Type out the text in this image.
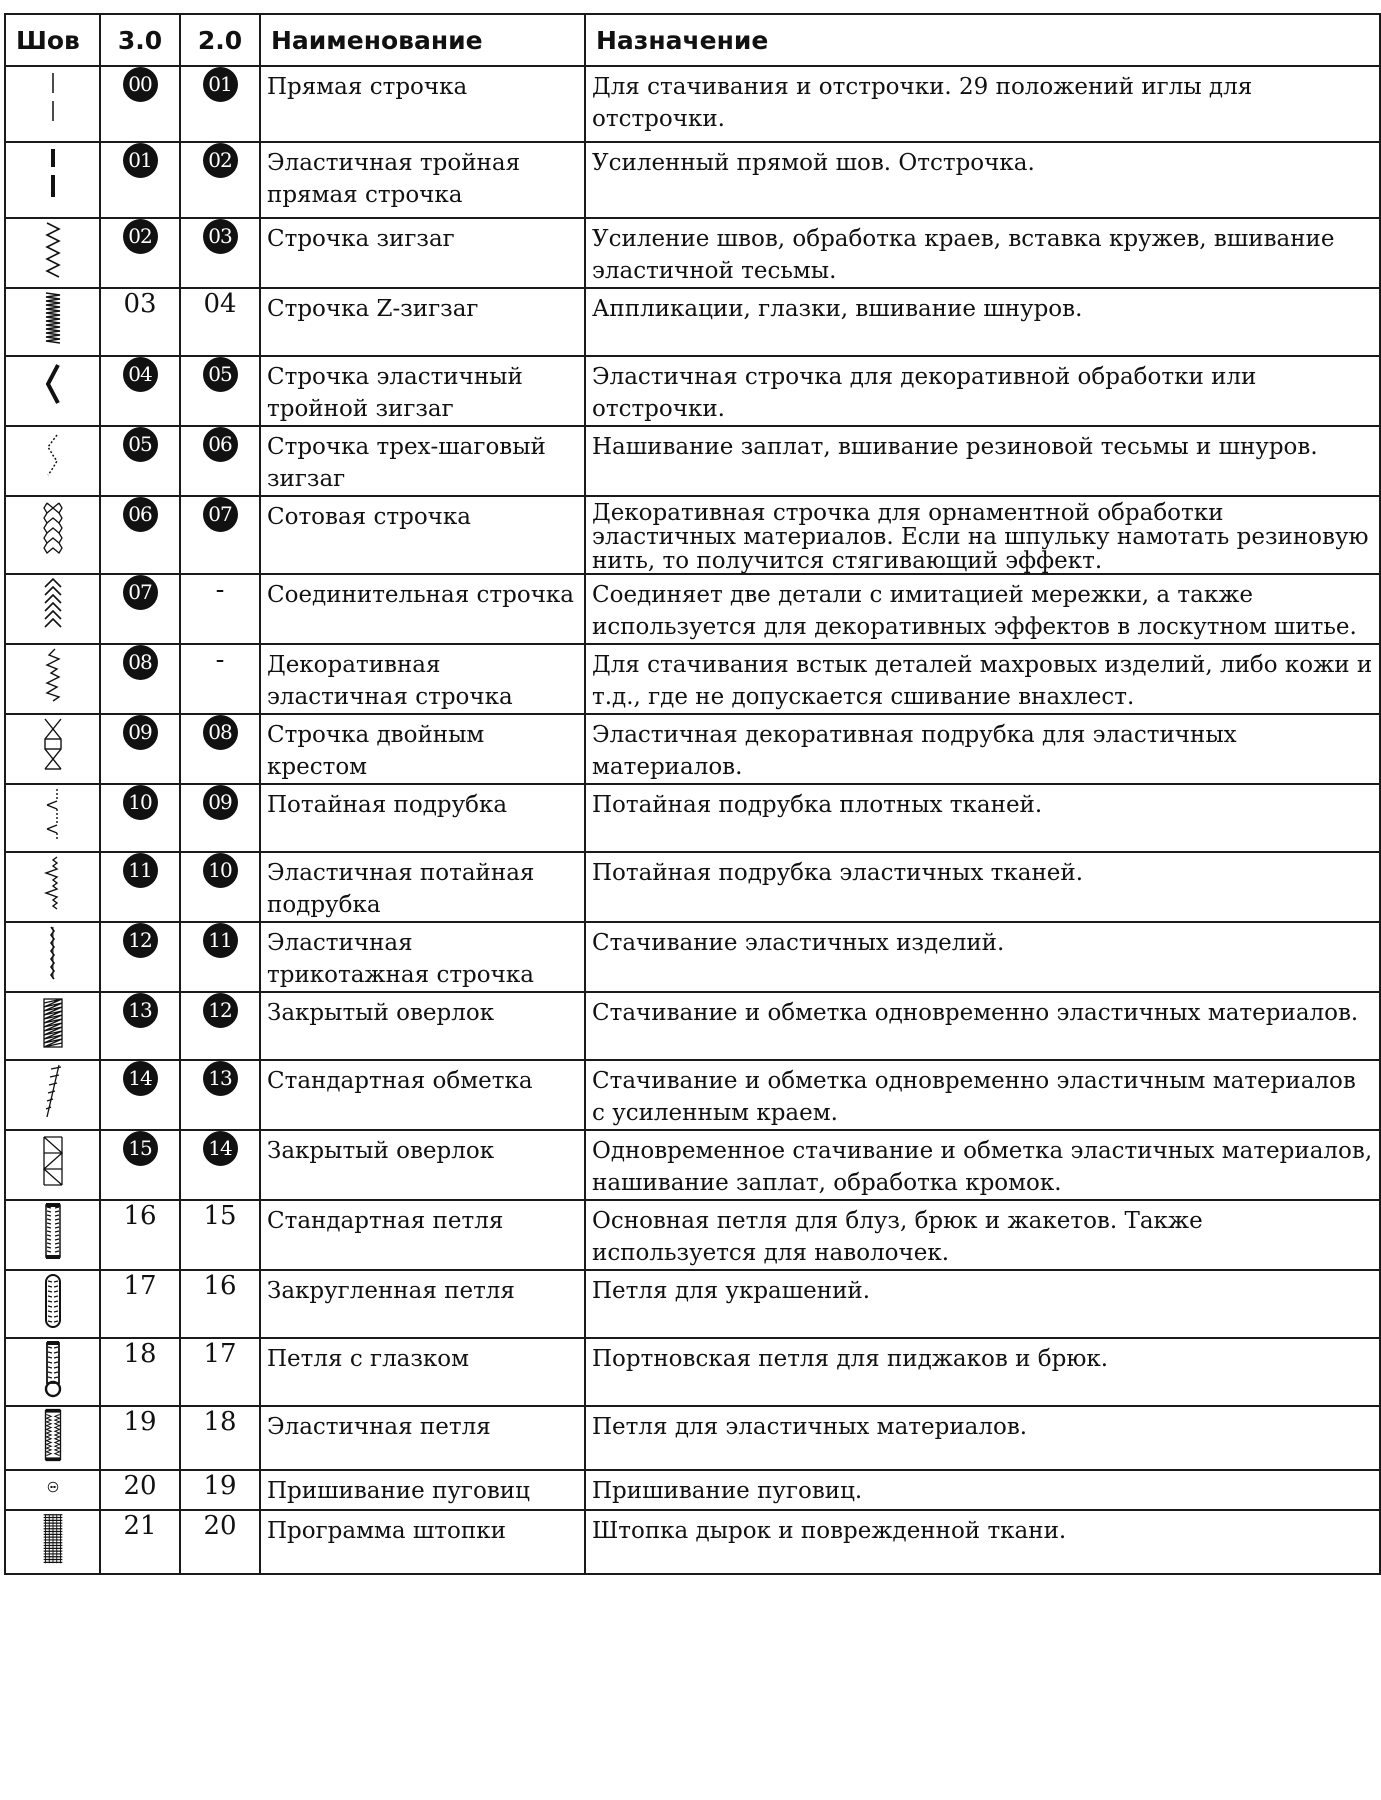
Шов	3.0	2.0	Наименование	Назначение

	00	01	Прямая строчка	Для стачивания и отстрочки. 29 положений иглы для отстрочки.

	01	02	Эластичная тройная прямая строчка	Усиленный прямой шов. Отстрочка.

	02	03	Строчка зигзаг	Усиление швов, обработка краев, вставка кружев, вшивание эластичной тесьмы.

	03	04	Строчка Z-зигзаг	Аппликации, глазки, вшивание шнуров.

	04	05	Строчка эластичный тройной зигзаг	Эластичная строчка для декоративной обработки или отстрочки.

	05	06	Строчка трех-шаговый зигзаг	Нашивание заплат, вшивание резиновой тесьмы и шнуров.

	06	07	Сотовая строчка	Декоративная строчка для орнаментной обработки эластичных материалов. Если на шпульку намотать резиновую нить, то получится стягивающий эффект.

	07	-	Соединительная строчка	Соединяет две детали с имитацией мережки, а также используется для декоративных эффектов в лоскутном шитье.

	08	-	Декоративная эластичная строчка	Для стачивания встык деталей махровых изделий, либо кожи и т.д., где не допускается сшивание внахлест.

	09	08	Строчка двойным крестом	Эластичная декоративная подрубка для эластичных материалов.

	10	09	Потайная подрубка	Потайная подрубка плотных тканей.

	11	10	Эластичная потайная подрубка	Потайная подрубка эластичных тканей.

	12	11	Эластичная трикотажная строчка	Стачивание эластичных изделий.

	13	12	Закрытый оверлок	Стачивание и обметка одновременно эластичных материалов.

	14	13	Стандартная обметка	Стачивание и обметка одновременно эластичным материалов с усиленным краем.

	15	14	Закрытый оверлок	Одновременное стачивание и обметка эластичных материалов, нашивание заплат, обработка кромок.

	16	15	Стандартная петля	Основная петля для блуз, брюк и жакетов. Также используется для наволочек.

	17	16	Закругленная петля	Петля для украшений.

	18	17	Петля с глазком	Портновская петля для пиджаков и брюк.

	19	18	Эластичная петля	Петля для эластичных материалов.

	20	19	Пришивание пуговиц	Пришивание пуговиц.

	21	20	Программа штопки	Штопка дырок и поврежденной ткани.
